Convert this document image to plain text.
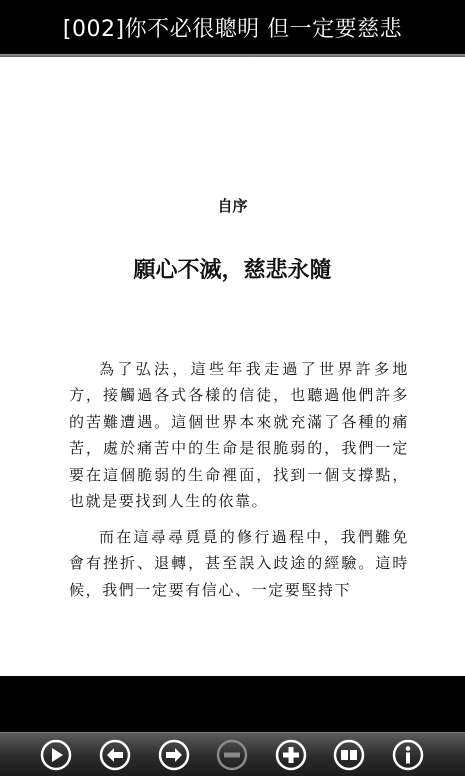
[002]你不必很聰明 但一定要慈悲
自序
願心不滅，慈悲永隨

為了弘法，這些年我走過了世界許多地方，接觸過各式各樣的信徒，也聽過他們許多的苦難遭遇。這個世界本來就充滿了各種的痛苦，處於痛苦中的生命是很脆弱的，我們一定要在這個脆弱的生命裡面，找到一個支撐點，也就是要找到人生的依靠。

而在這尋尋覓覓的修行過程中，我們難免會有挫折、退轉，甚至誤入歧途的經驗。這時候，我們一定要有信心、一定要堅持下
